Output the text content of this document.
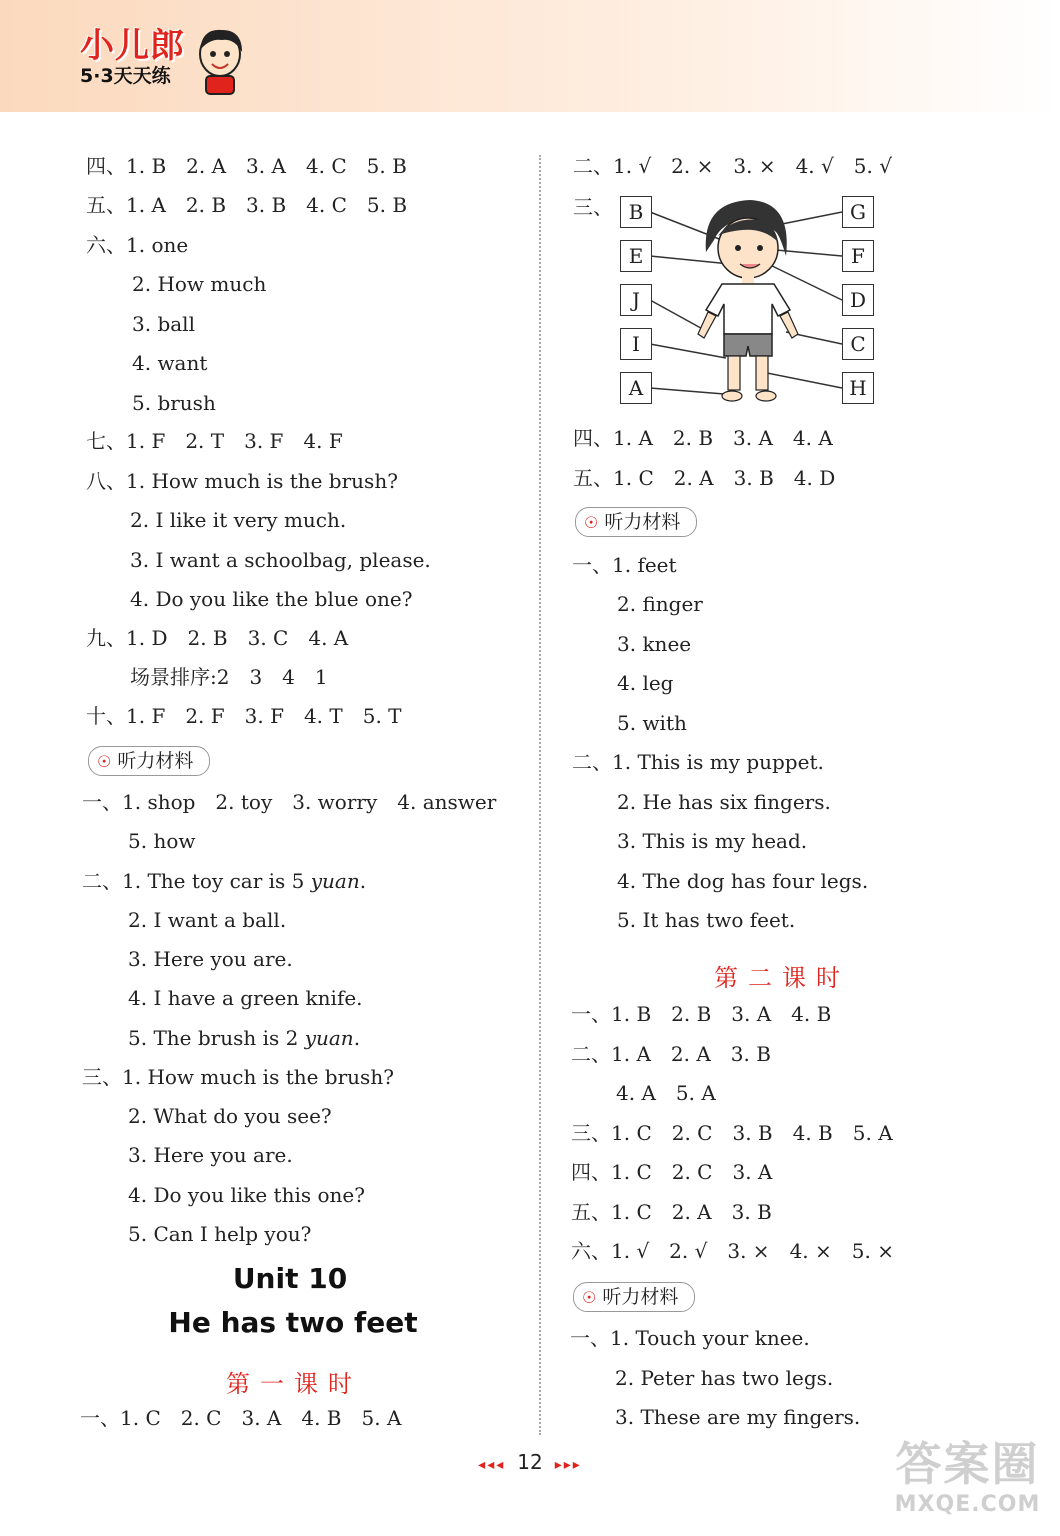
小儿郎
5·3天天练
四、1. B　2. A　3. A　4. C　5. B
五、1. A　2. B　3. B　4. C　5. B
六、1. one
2. How much
3. ball
4. want
5. brush
七、1. F　2. T　3. F　4. F
八、1. How much is the brush?
2. I like it very much.
3. I want a schoolbag, please.
4. Do you like the blue one?
九、1. D　2. B　3. C　4. A
场景排序:2　3　4　1
十、1. F　2. F　3. F　4. T　5. T
☉ 听力材料
一、1. shop　2. toy　3. worry　4. answer
5. how
二、1. The toy car is 5 yuan.
2. I want a ball.
3. Here you are.
4. I have a green knife.
5. The brush is 2 yuan.
三、1. How much is the brush?
2. What do you see?
3. Here you are.
4. Do you like this one?
5. Can I help you?
Unit 10
He has two feet
第一课时
一、1. C　2. C　3. A　4. B　5. A
二、1. √　2. ×　3. ×　4. √　5. √
三、 B
E
J
I
A
G
F
D
C
H
四、1. A　2. B　3. A　4. A
五、1. C　2. A　3. B　4. D
☉ 听力材料
一、1. feet
2. finger
3. knee
4. leg
5. with
二、1. This is my puppet.
2. He has six fingers.
3. This is my head.
4. The dog has four legs.
5. It has two feet.
第二课时
一、1. B　2. B　3. A　4. B
二、1. A　2. A　3. B
4. A　5. A
三、1. C　2. C　3. B　4. B　5. A
四、1. C　2. C　3. A
五、1. C　2. A　3. B
六、1. √　2. √　3. ×　4. ×　5. ×
☉ 听力材料
一、1. Touch your knee.
2. Peter has two legs.
3. These are my fingers.
◂◂◂ 12 ▸▸▸	答案圈
MXQE.COM
